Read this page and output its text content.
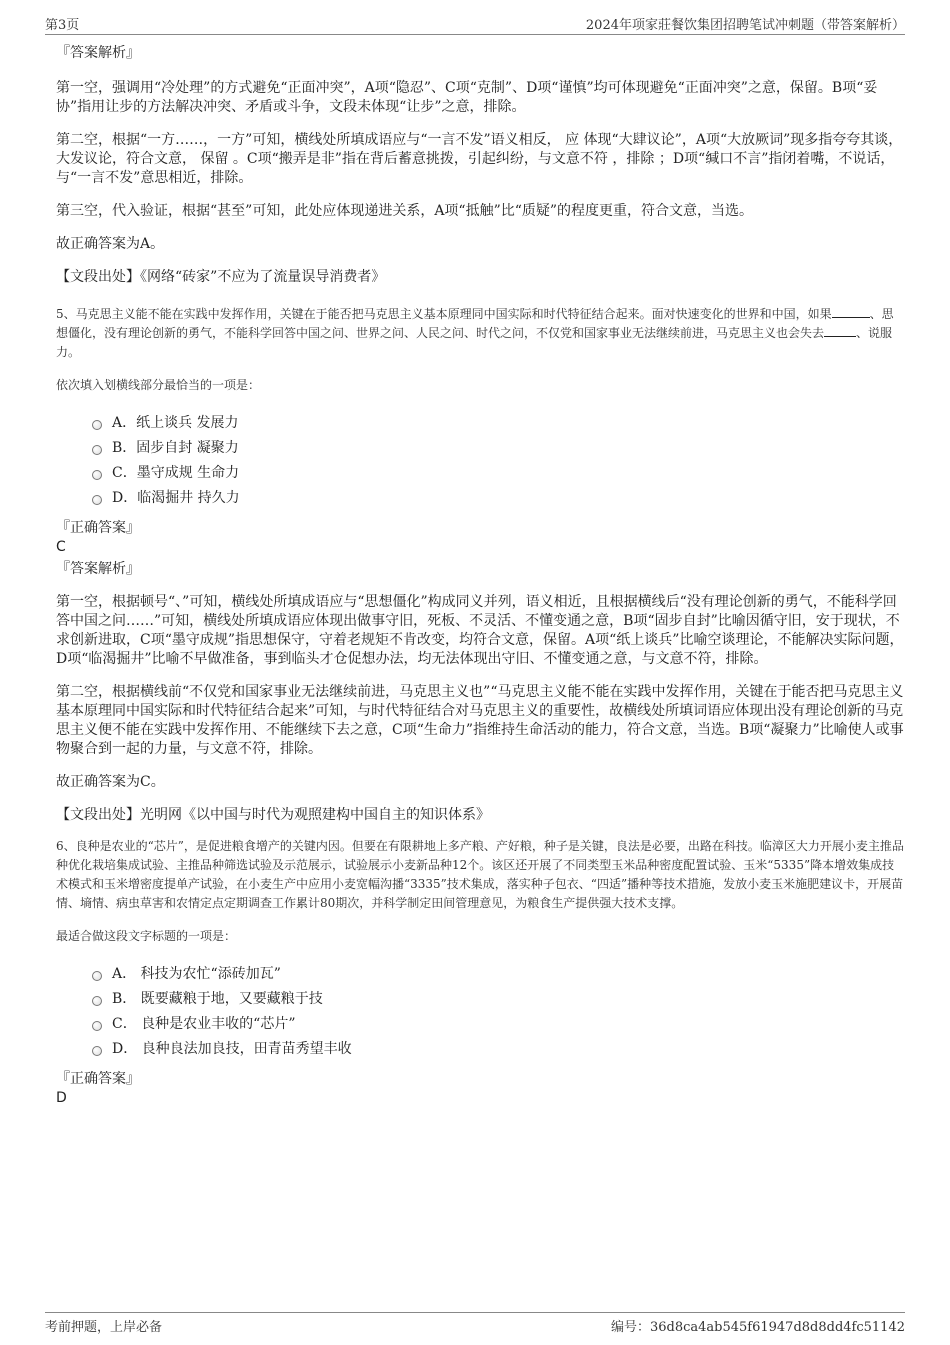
第3页	2024年项家莊餐饮集团招聘笔试冲刺题（带答案解析）

『答案解析』

第一空，强调用“冷处理”的方式避免“正面冲突”，A项“隐忍”、C项“克制”、D项“谨慎”均可体现避免“正面冲突”之意，保留。B项“妥协”指用让步的方法解决冲突、矛盾或斗争，文段未体现“让步”之意，排除。

第二空，根据“一方……，一方”可知，横线处所填成语应与“一言不发”语义相反， 应 体现“大肆议论”，A项“大放厥词”现多指夸夸其谈，大发议论，符合文意， 保留 。C项“搬弄是非”指在背后蓄意挑拨，引起纠纷，与文意不符 ，排除 ；D项“缄口不言”指闭着嘴，不说话，与“一言不发”意思相近，排除。

第三空，代入验证，根据“甚至”可知，此处应体现递进关系，A项“抵触”比“质疑”的程度更重，符合文意，当选。

故正确答案为A。

【文段出处】《网络“砖家”不应为了流量误导消费者》

5、马克思主义能不能在实践中发挥作用，关键在于能否把马克思主义基本原理同中国实际和时代特征结合起来。面对快速变化的世界和中国，如果	、思想僵化，没有理论创新的勇气，不能科学回答中国之问、世界之问、人民之问、时代之问，不仅党和国家事业无法继续前进，马克思主义也会失去	、说服力。

依次填入划横线部分最恰当的一项是：

A．纸上谈兵 发展力
B．固步自封 凝聚力
C．墨守成规 生命力
D．临渴掘井 持久力

『正确答案』

C

『答案解析』

第一空，根据顿号“、”可知，横线处所填成语应与“思想僵化”构成同义并列，语义相近，且根据横线后“没有理论创新的勇气，不能科学回答中国之问……”可知，横线处所填成语应体现出做事守旧，死板、不灵活、不懂变通之意，B项“固步自封”比喻因循守旧，安于现状，不求创新进取，C项“墨守成规”指思想保守，守着老规矩不肯改变，均符合文意，保留。A项“纸上谈兵”比喻空谈理论，不能解决实际问题，D项“临渴掘井”比喻不早做准备，事到临头才仓促想办法，均无法体现出守旧、不懂变通之意，与文意不符，排除。

第二空，根据横线前“不仅党和国家事业无法继续前进，马克思主义也”“马克思主义能不能在实践中发挥作用，关键在于能否把马克思主义基本原理同中国实际和时代特征结合起来”可知，与时代特征结合对马克思主义的重要性，故横线处所填词语应体现出没有理论创新的马克思主义便不能在实践中发挥作用、不能继续下去之意，C项“生命力”指维持生命活动的能力，符合文意，当选。B项“凝聚力”比喻使人或事物聚合到一起的力量，与文意不符，排除。

故正确答案为C。

【文段出处】光明网《以中国与时代为观照建构中国自主的知识体系》

6、良种是农业的“芯片”，是促进粮食增产的关键内因。但要在有限耕地上多产粮、产好粮，种子是关键，良法是必要，出路在科技。临漳区大力开展小麦主推品种优化栽培集成试验、主推品种筛选试验及示范展示，试验展示小麦新品种12个。该区还开展了不同类型玉米品种密度配置试验、玉米“5335”降本增效集成技术模式和玉米增密度提单产试验，在小麦生产中应用小麦宽幅沟播“3335”技术集成，落实种子包衣、“四适”播种等技术措施，发放小麦玉米施肥建议卡，开展苗情、墒情、病虫草害和农情定点定期调查工作累计80期次，并科学制定田间管理意见，为粮食生产提供强大技术支撑。

最适合做这段文字标题的一项是：

A． 科技为农忙“添砖加瓦”
B． 既要藏粮于地，又要藏粮于技
C． 良种是农业丰收的“芯片”
D． 良种良法加良技，田青苗秀望丰收

『正确答案』

D

考前押题，上岸必备	编号：36d8ca4ab545f61947d8d8dd4fc51142
